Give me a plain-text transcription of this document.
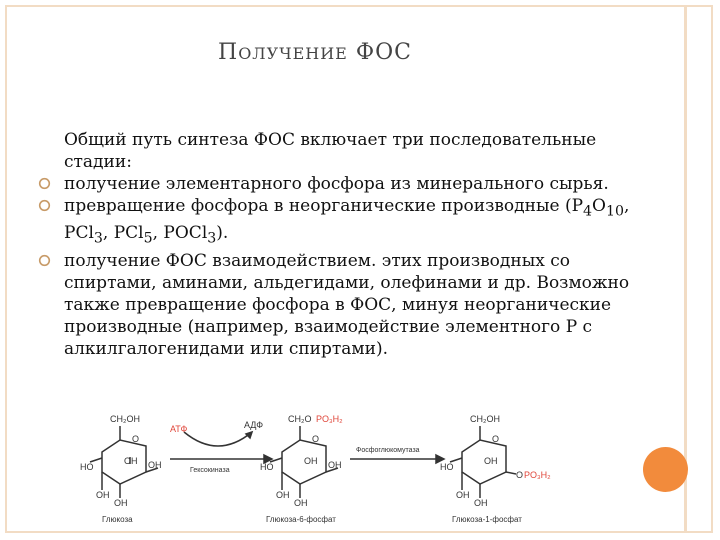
ПОЛУЧЕНИЕ ФОС

Общий путь синтеза ФОС включает три последовательные стадии:

получение элементарного фосфора из минерального сырья.
превращение фосфора в неорганические производные ($P_4O_{10}$, PCl$_3$, PCl$_5$, POCl$_3$).
получение ФОС взаимодействием. этих производных со спиртами, аминами, альдегидами, олефинами и др. Возможно также превращение фосфора в ФОС, минуя неорганические производные (например, взаимодействие элементного Р с алкилгалогенидами или спиртами).
CH₂OH
O
OH
HO	OH
OH
OH
Глюкоза
АТФ	АДФ
Гексокиназа
CH₂O PO₃H₂
O
OH
HO	OH
OH
OH
Глюкоза-6-фосфат
Фосфоглюкомутаза
CH₂OH
O
OH
HO
O PO₃H₂
OH
OH
Глюкоза-1-фосфат
